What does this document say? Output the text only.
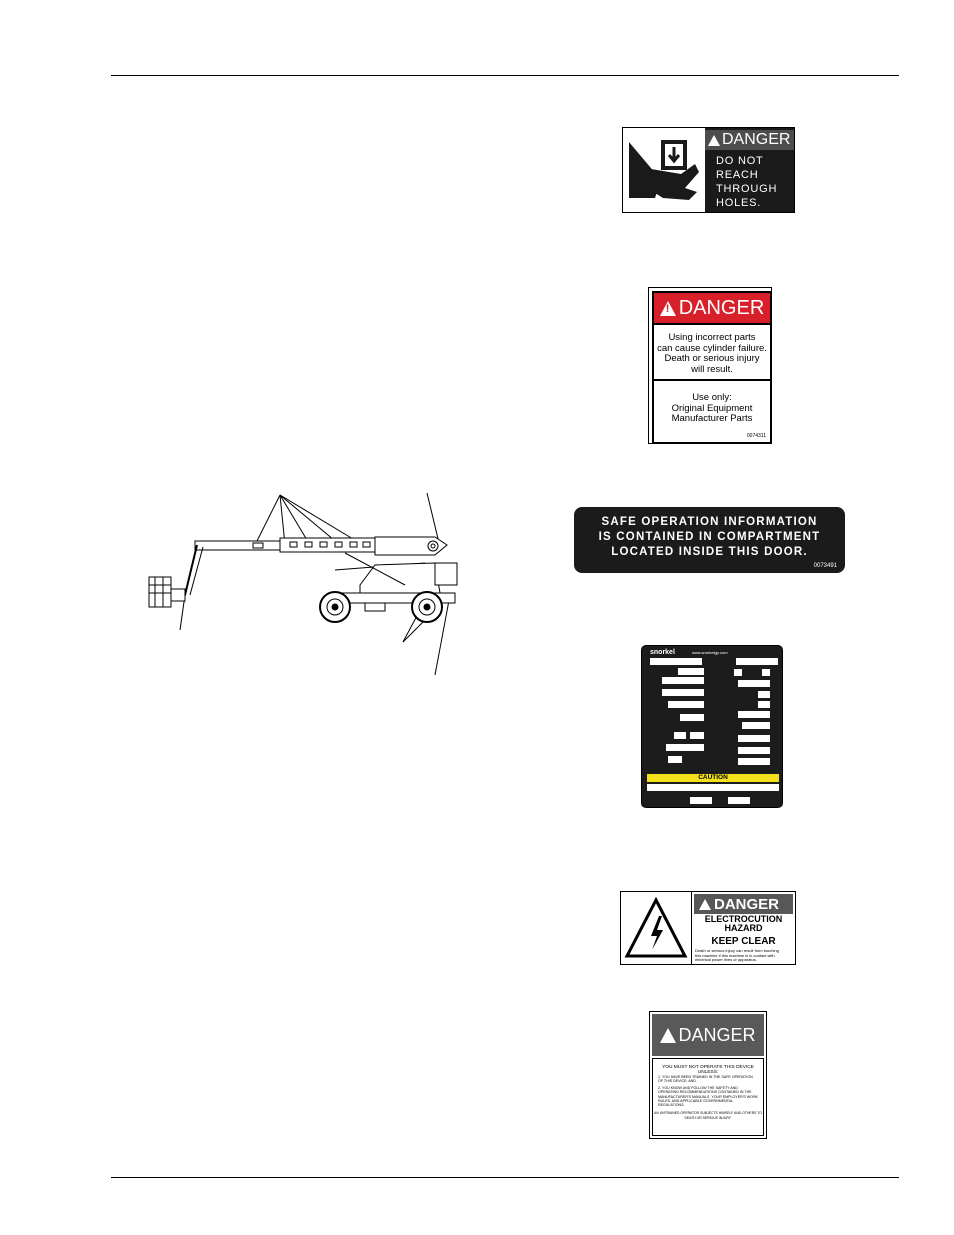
DANGER
DO NOT
REACH
THROUGH
HOLES.
!
DANGER
Using incorrect parts
can cause cylinder failure.
Death or serious injury
will result.
Use only:
Original Equipment
Manufacturer Parts
0074311
SAFE OPERATION INFORMATION
IS CONTAINED IN COMPARTMENT
LOCATED INSIDE THIS DOOR.
0073491
snorkel	www.snorkelgp.com
CAUTION
DANGER
ELECTROCUTION
HAZARD
KEEP CLEAR
Death or serious injury can result from touching
this machine if this machine is in contact with
electrical power lines or apparatus.
DANGER
YOU MUST NOT OPERATE THIS DEVICE UNLESS:
1. YOU HAVE BEEN TRAINED IN THE SAFE OPERATION OF THIS DEVICE; AND
2. YOU KNOW AND FOLLOW THE SAFETY AND OPERATING RECOMMENDATIONS CONTAINED IN THE MANUFACTURER'S MANUALS, YOUR EMPLOYER'S WORK RULES, AND APPLICABLE GOVERNMENTAL REGULATIONS.
AN UNTRAINED OPERATOR SUBJECTS HIMSELF AND OTHERS TO
DEATH OR SERIOUS INJURY.
